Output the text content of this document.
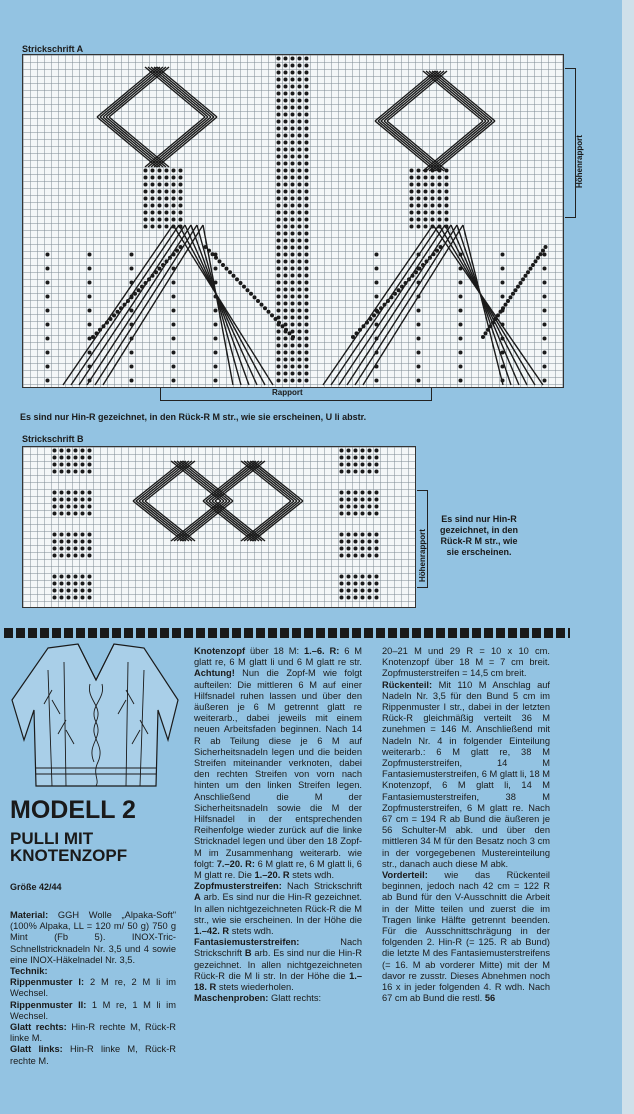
Strickschrift A
Höhenrapport
Rapport
Es sind nur Hin-R gezeichnet, in den Rück-R M str., wie sie erscheinen, U li abstr.
Strickschrift B
Höhenrapport
Es sind nur Hin-R
gezeichnet, in den
Rück-R M str., wie
sie erscheinen.
MODELL 2
PULLI MIT
KNOTENZOPF
Größe 42/44

Material: GGH Wolle „Alpaka-Soft" (100% Alpaka, LL = 120 m/ 50 g) 750 g Mint (Fb 5). INOX-Tric-Schnellstricknadeln Nr. 3,5 und 4 sowie eine INOX-Häkelnadel Nr. 3,5.

Technik:

Rippenmuster I: 2 M re, 2 M li im Wechsel.

Rippenmuster II: 1 M re, 1 M li im Wechsel.

Glatt rechts: Hin-R rechte M, Rück-R linke M.

Glatt links: Hin-R linke M, Rück-R rechte M.

Knotenzopf über 18 M: 1.–6. R: 6 M glatt re, 6 M glatt li und 6 M glatt re str. Achtung! Nun die Zopf-M wie folgt aufteilen: Die mittleren 6 M auf einer Hilfsnadel ruhen lassen und über den äußeren je 6 M getrennt glatt re weiterarb., dabei jeweils mit einem neuen Arbeitsfaden beginnen. Nach 14 R ab Teilung diese je 6 M auf Sicherheitsnadeln legen und die beiden Streifen miteinander verknoten, dabei den rechten Streifen von vorn nach hinten um den linken Streifen legen. Anschließend die M der Sicherheitsnadeln sowie die M der Hilfsnadel in der entsprechenden Reihenfolge wieder zurück auf die linke Stricknadel legen und über den 18 Zopf-M im Zusammenhang weiterarb. wie folgt: 7.–20. R: 6 M glatt re, 6 M glatt li, 6 M glatt re. Die 1.–20. R stets wdh.

Zopfmusterstreifen: Nach Strickschrift A arb. Es sind nur die Hin-R gezeichnet. In allen nichtgezeichneten Rück-R die M str., wie sie erscheinen. In der Höhe die 1.–42. R stets wdh.

Fantasiemusterstreifen: Nach Strickschrift B arb. Es sind nur die Hin-R gezeichnet. In allen nichtgezeichneten Rück-R die M li str. In der Höhe die 1.–18. R stets wiederholen.

Maschenproben: Glatt rechts:

20–21 M und 29 R = 10 x 10 cm. Knotenzopf über 18 M = 7 cm breit. Zopfmusterstreifen = 14,5 cm breit.

Rückenteil: Mit 110 M Anschlag auf Nadeln Nr. 3,5 für den Bund 5 cm im Rippenmuster I str., dabei in der letzten Rück-R gleichmäßig verteilt 36 M zunehmen = 146 M. Anschließend mit Nadeln Nr. 4 in folgender Einteilung weiterarb.: 6 M glatt re, 38 M Zopfmusterstreifen, 14 M Fantasiemusterstreifen, 6 M glatt li, 18 M Knotenzopf, 6 M glatt li, 14 M Fantasiemusterstreifen, 38 M Zopfmusterstreifen, 6 M glatt re. Nach 67 cm = 194 R ab Bund die äußeren je 56 Schulter-M abk. und über den mittleren 34 M für den Besatz noch 3 cm in der vorgegebenen Mustereinteilung str., danach auch diese M abk.

Vorderteil: wie das Rückenteil beginnen, jedoch nach 42 cm = 122 R ab Bund für den V-Ausschnitt die Arbeit in der Mitte teilen und zuerst die im Tragen linke Hälfte getrennt beenden. Für die Ausschnittschrägung in der folgenden 2. Hin-R (= 125. R ab Bund) die letzte M des Fantasiemusterstreifens (= 16. M ab vorderer Mitte) mit der M davor re zusstr. Dieses Abnehmen noch 16 x in jeder folgenden 4. R wdh. Nach 67 cm ab Bund die restl. 56
